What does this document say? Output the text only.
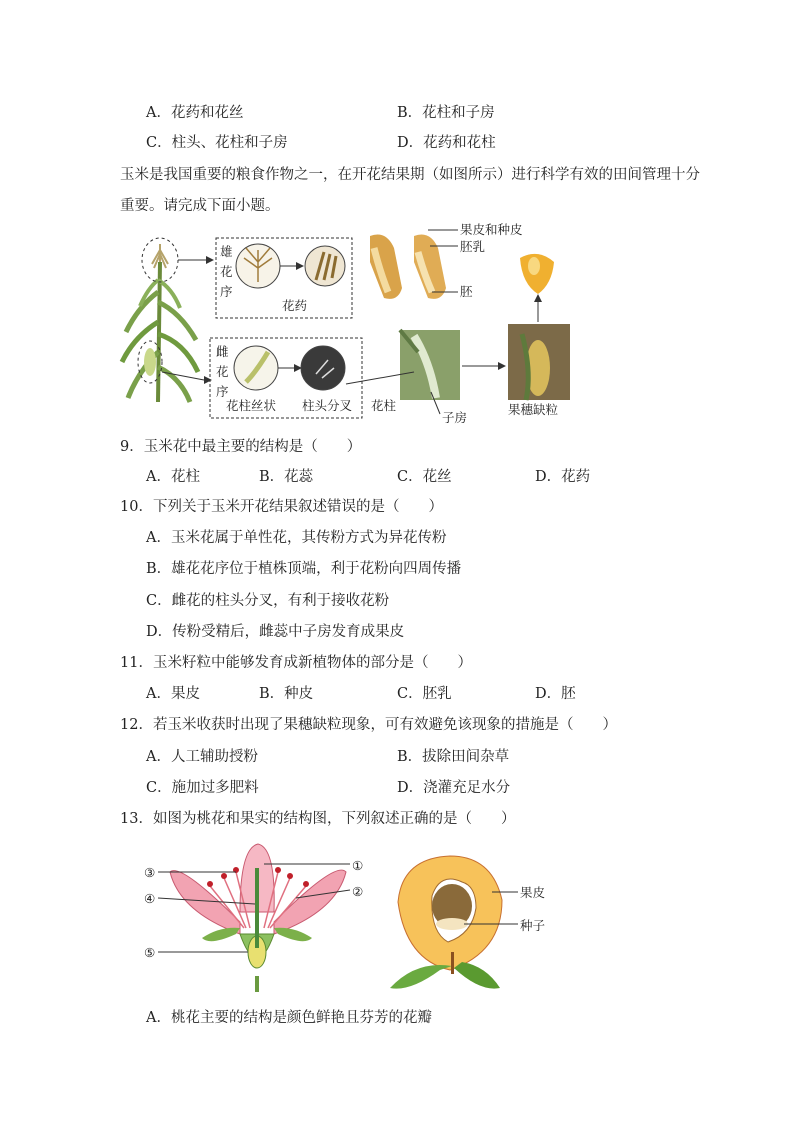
A．花药和花丝	B．花柱和子房
C．柱头、花柱和子房	D．花药和花柱
玉米是我国重要的粮食作物之一，在开花结果期（如图所示）进行科学有效的田间管理十分
重要。请完成下面小题。
雄
花
序
花药
雌
花
序
花柱丝状 柱头分叉 花柱
子房
果穗缺粒
果皮和种皮
胚乳
胚
9．玉米花中最主要的结构是（　　）
A．花柱	B．花蕊	C．花丝	D．花药
10．下列关于玉米开花结果叙述错误的是（　　）
A．玉米花属于单性花，其传粉方式为异花传粉
B．雄花花序位于植株顶端，利于花粉向四周传播
C．雌花的柱头分叉，有利于接收花粉
D．传粉受精后，雌蕊中子房发育成果皮
11．玉米籽粒中能够发育成新植物体的部分是（　　）
A．果皮	B．种皮	C．胚乳	D．胚
12．若玉米收获时出现了果穗缺粒现象，可有效避免该现象的措施是（　　）
A．人工辅助授粉	B．拔除田间杂草
C．施加过多肥料	D．浇灌充足水分
13．如图为桃花和果实的结构图，下列叙述正确的是（　　）
③
④
⑤
①
②	果皮
种子
A．桃花主要的结构是颜色鲜艳且芬芳的花瓣
